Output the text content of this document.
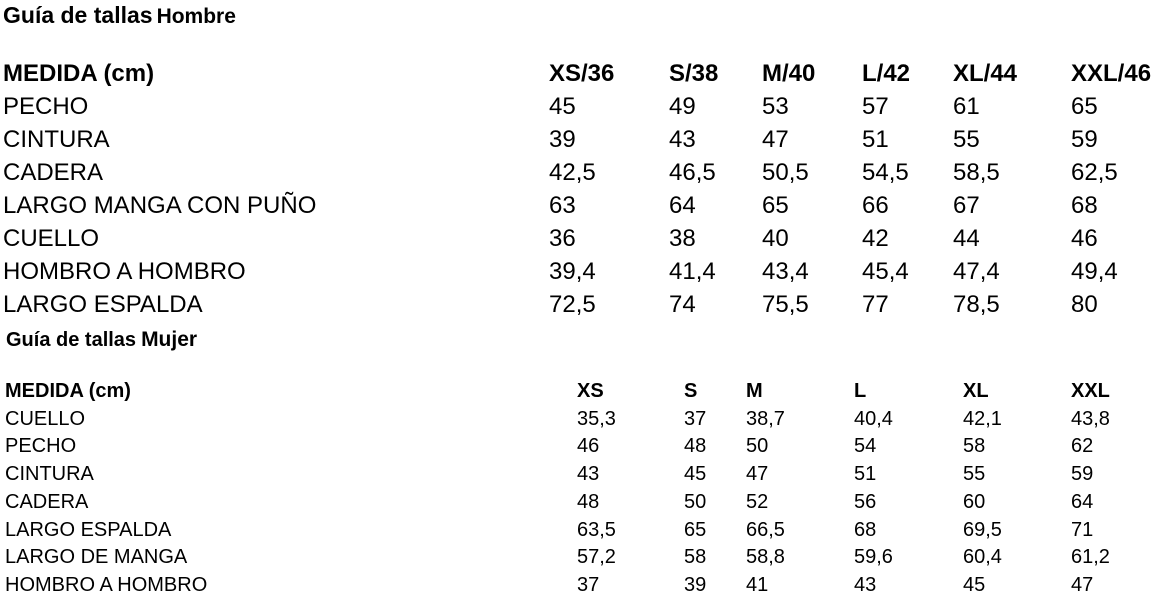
Guía de tallas Hombre
MEDIDA (cm)	XS/36 S/38 M/40 L/42 XL/44 XXL/46
PECHO	45	49	53	57	61	65
CINTURA	39	43	47	51	55	59
CADERA	42,5	46,5 50,5 54,5 58,5	62,5
LARGO MANGA CON PUÑO	63	64	65	66	67	68
CUELLO	36	38	40	42	44	46
HOMBRO A HOMBRO	39,4	41,4 43,4 45,4 47,4	49,4
LARGO ESPALDA	72,5	74	75,5 77	78,5	80
Guía de tallas Mujer
MEDIDA (cm)	XS	S M	L	XL	XXL
CUELLO	35,3	37 38,7	40,4	42,1	43,8
PECHO	46	48 50	54	58	62
CINTURA	43	45 47	51	55	59
CADERA	48	50 52	56	60	64
LARGO ESPALDA	63,5	65 66,5	68	69,5	71
LARGO DE MANGA	57,2	58 58,8	59,6	60,4	61,2
HOMBRO A HOMBRO	37	39 41	43	45	47
